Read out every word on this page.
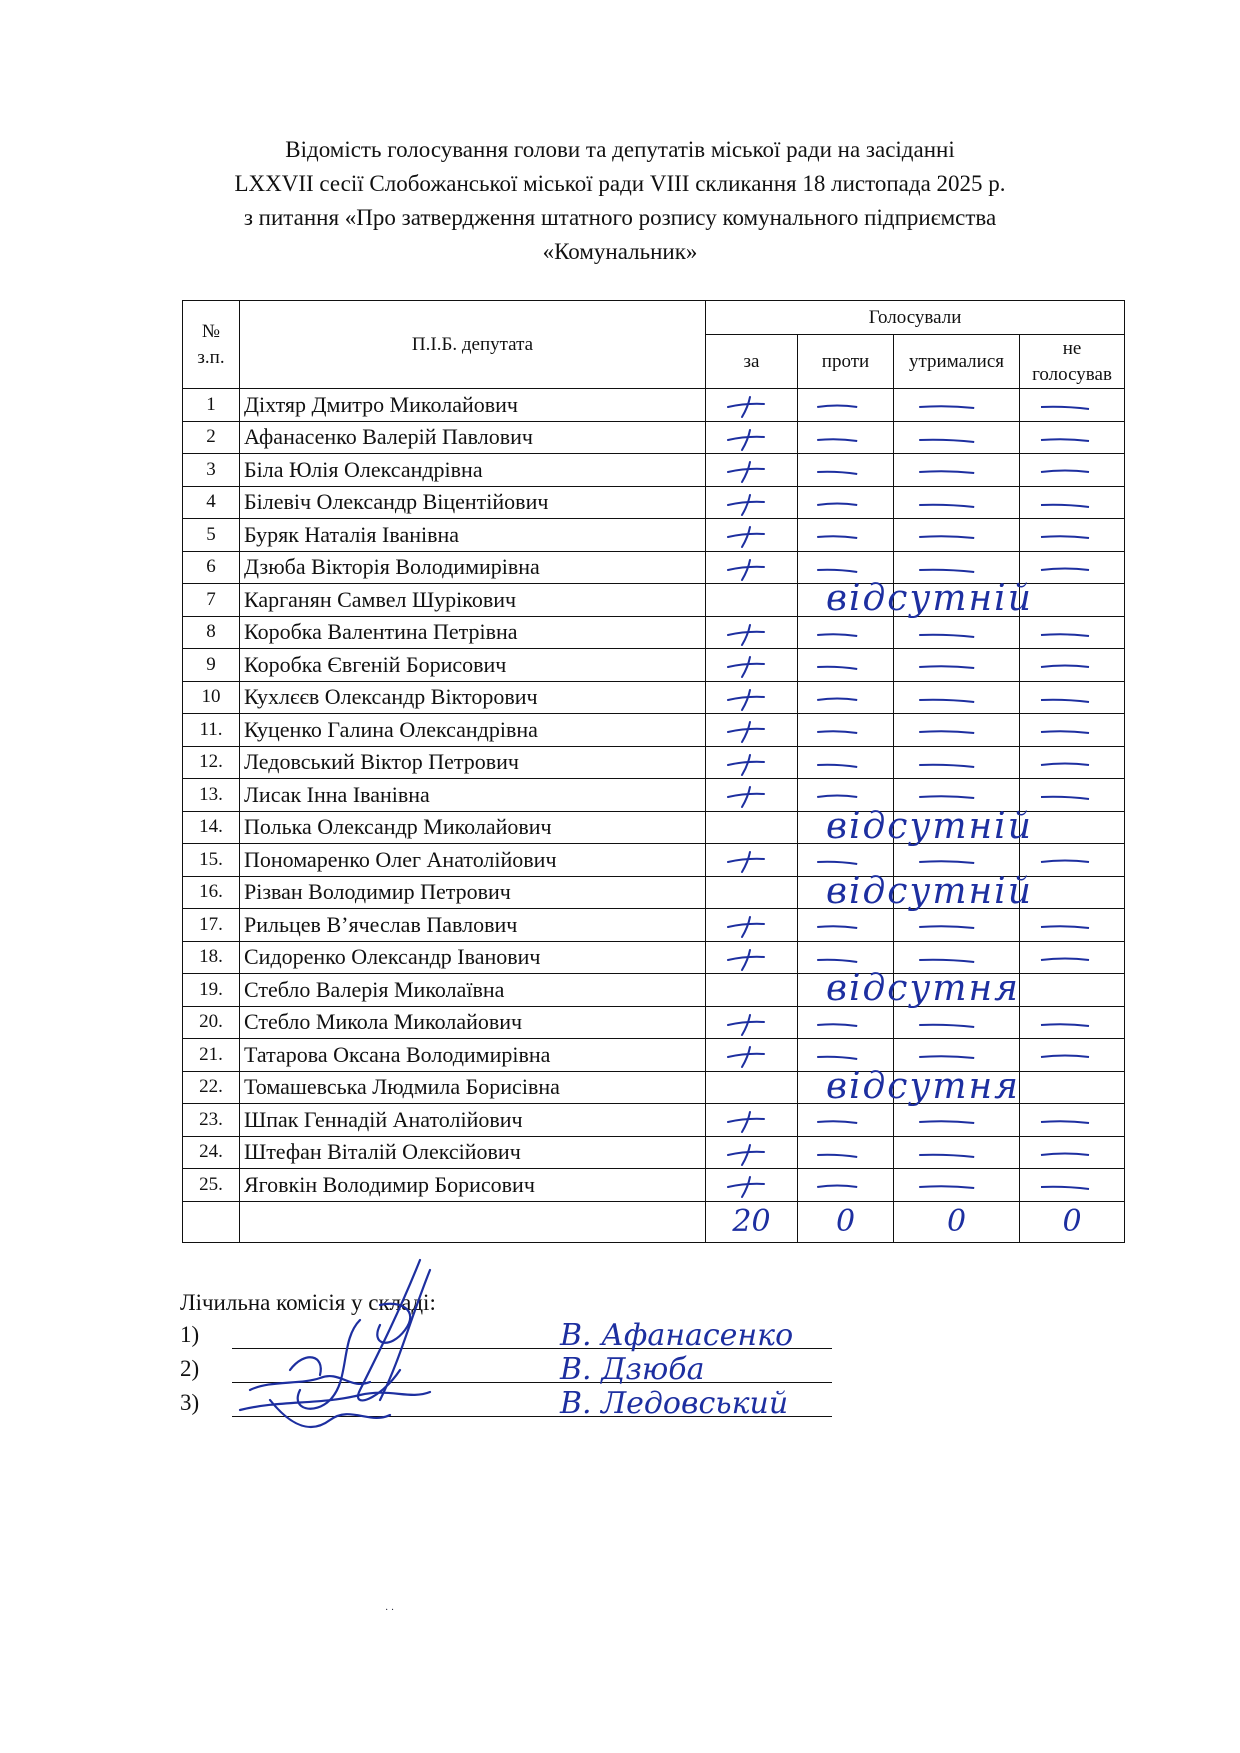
Відомість голосування голови та депутатів міської ради на засіданні
LXXVII сесії Слобожанської міської ради VIII скликання 18 листопада 2025 р.
з питання «Про затвердження штатного розпису комунального підприємства
«Комунальник»
№ з.п.	П.І.Б. депутата	Голосували			
		за	проти	утрималися	не голосував
1	Діхтяр Дмитро Миколайович	

2	Афанасенко Валерій Павлович	

3	Біла Юлія Олександрівна	

4	Білевіч Олександр Віцентійович	

5	Буряк Наталія Іванівна	

6	Дзюба Вікторія Володимирівна	

7	Карганян Самвел Шурікович	відсутній			

8	Коробка Валентина Петрівна	

9	Коробка Євгеній Борисович	

10	Кухлєєв Олександр Вікторович	

11.	Куценко Галина Олександрівна	

12.	Ледовський Віктор Петрович	

13.	Лисак Інна Іванівна	

14.	Полька Олександр Миколайович	відсутній			

15.	Пономаренко Олег Анатолійович	

16.	Різван Володимир Петрович	відсутній			

17.	Рильцев В’ячеслав Павлович	

18.	Сидоренко Олександр Іванович	

19.	Стебло Валерія Миколаївна	відсутня			

20.	Стебло Микола Миколайович	

21.	Татарова Оксана Володимирівна	

22.	Томашевська Людмила Борисівна	відсутня			

23.	Шпак Геннадій Анатолійович	

24.	Штефан Віталій Олексійович	

25.	Яговкін Володимир Борисович	

		20	0	0	0
Лічильна комісія у складі:
1)
2)
3)
В. Афанасенко
В. Дзюба
В. Ледовський
· ·
